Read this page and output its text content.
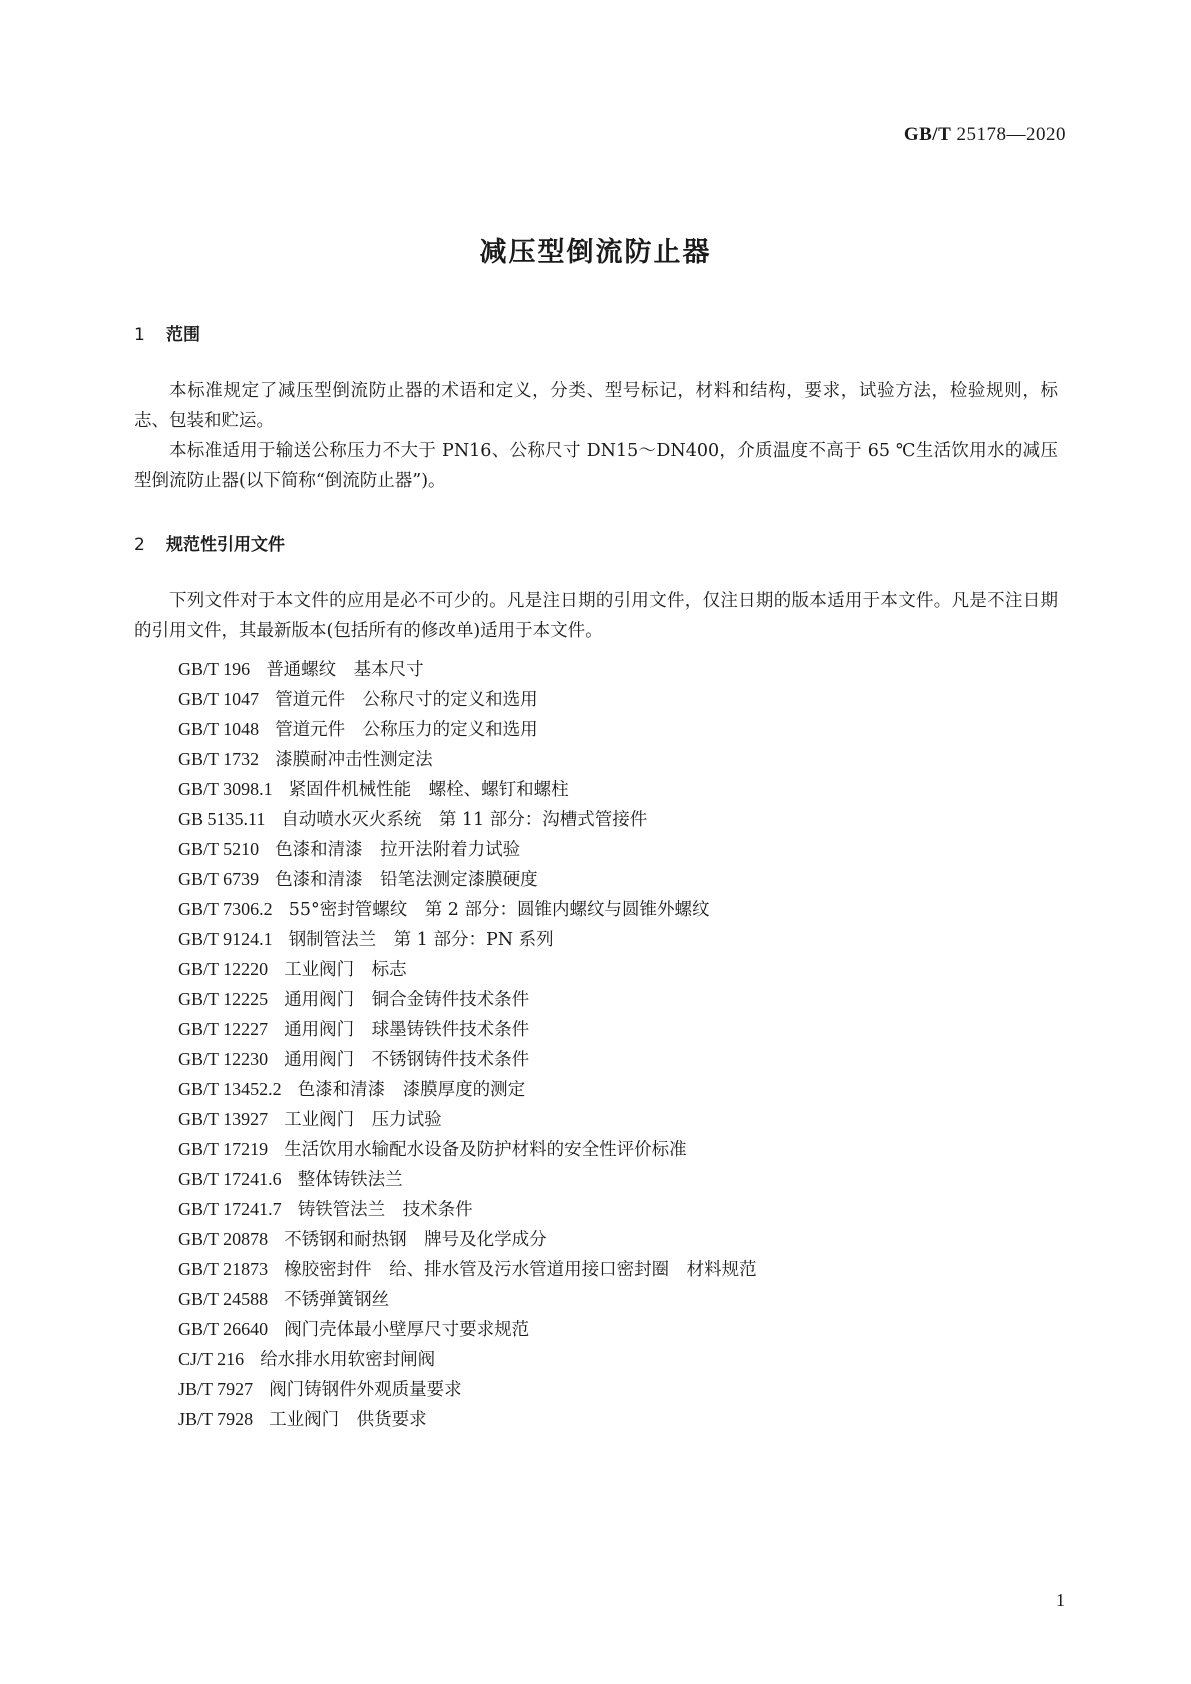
GB/T 25178—2020
减压型倒流防止器
1 范围

本标准规定了减压型倒流防止器的术语和定义，分类、型号标记，材料和结构，要求，试验方法，检验规则，标志、包装和贮运。

本标准适用于输送公称压力不大于 PN16、公称尺寸 DN15～DN400，介质温度不高于 65 ℃生活饮用水的减压型倒流防止器(以下简称“倒流防止器”)。

2 规范性引用文件

下列文件对于本文件的应用是必不可少的。凡是注日期的引用文件，仅注日期的版本适用于本文件。凡是不注日期的引用文件，其最新版本(包括所有的修改单)适用于本文件。

GB/T 196 普通螺纹　基本尺寸
GB/T 1047 管道元件　公称尺寸的定义和选用
GB/T 1048 管道元件　公称压力的定义和选用
GB/T 1732 漆膜耐冲击性测定法
GB/T 3098.1 紧固件机械性能　螺栓、螺钉和螺柱
GB 5135.11 自动喷水灭火系统　第 11 部分：沟槽式管接件
GB/T 5210 色漆和清漆　拉开法附着力试验
GB/T 6739 色漆和清漆　铅笔法测定漆膜硬度
GB/T 7306.2 55°密封管螺纹　第 2 部分：圆锥内螺纹与圆锥外螺纹
GB/T 9124.1 钢制管法兰　第 1 部分：PN 系列
GB/T 12220 工业阀门　标志
GB/T 12225 通用阀门　铜合金铸件技术条件
GB/T 12227 通用阀门　球墨铸铁件技术条件
GB/T 12230 通用阀门　不锈钢铸件技术条件
GB/T 13452.2 色漆和清漆　漆膜厚度的测定
GB/T 13927 工业阀门　压力试验
GB/T 17219 生活饮用水输配水设备及防护材料的安全性评价标准
GB/T 17241.6 整体铸铁法兰
GB/T 17241.7 铸铁管法兰　技术条件
GB/T 20878 不锈钢和耐热钢　牌号及化学成分
GB/T 21873 橡胶密封件　给、排水管及污水管道用接口密封圈　材料规范
GB/T 24588 不锈弹簧钢丝
GB/T 26640 阀门壳体最小壁厚尺寸要求规范
CJ/T 216 给水排水用软密封闸阀
JB/T 7927 阀门铸钢件外观质量要求
JB/T 7928 工业阀门　供货要求
1
